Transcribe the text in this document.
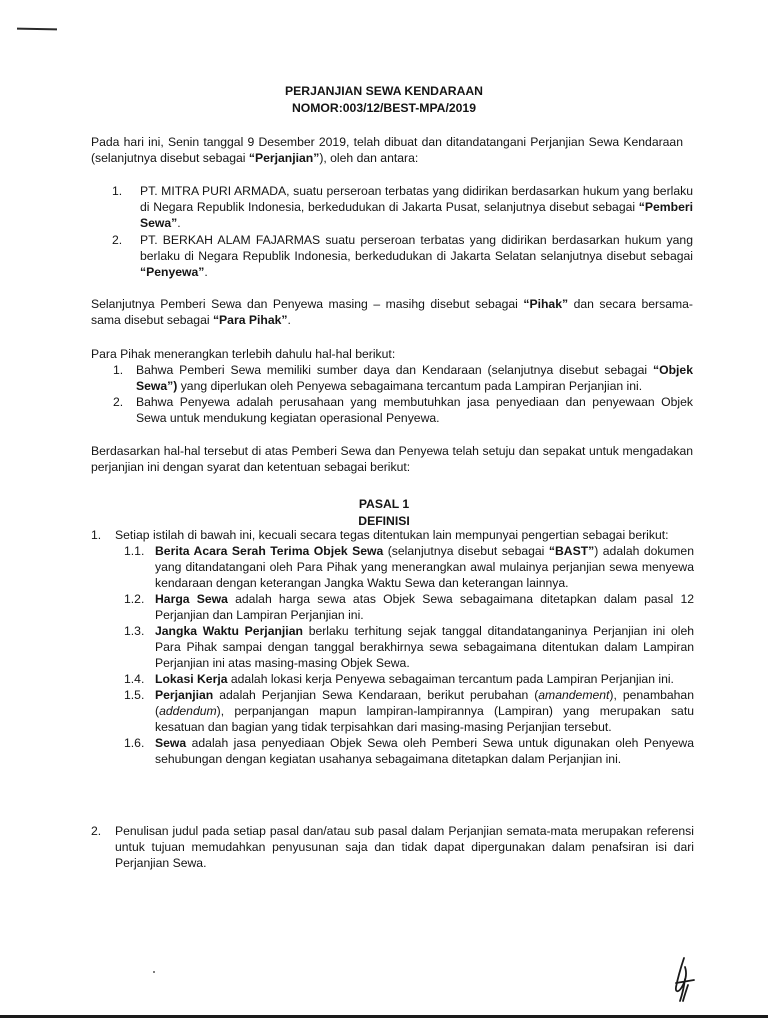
PERJANJIAN SEWA KENDARAAN
NOMOR:003/12/BEST-MPA/2019
Pada hari ini, Senin tanggal 9 Desember 2019, telah dibuat dan ditandatangani Perjanjian Sewa Kendaraan (selanjutnya disebut sebagai “Perjanjian”), oleh dan antara:
1. PT. MITRA PURI ARMADA, suatu perseroan terbatas yang didirikan berdasarkan hukum yang berlaku di Negara Republik Indonesia, berkedudukan di Jakarta Pusat, selanjutnya disebut sebagai “Pemberi Sewa”.
2. PT. BERKAH ALAM FAJARMAS suatu perseroan terbatas yang didirikan berdasarkan hukum yang berlaku di Negara Republik Indonesia, berkedudukan di Jakarta Selatan selanjutnya disebut sebagai “Penyewa”.
Selanjutnya Pemberi Sewa dan Penyewa masing – masihg disebut sebagai “Pihak” dan secara bersama-sama disebut sebagai “Para Pihak”.
Para Pihak menerangkan terlebih dahulu hal-hal berikut:
1. Bahwa Pemberi Sewa memiliki sumber daya dan Kendaraan (selanjutnya disebut sebagai “Objek Sewa”) yang diperlukan oleh Penyewa sebagaimana tercantum pada Lampiran Perjanjian ini.
2. Bahwa Penyewa adalah perusahaan yang membutuhkan jasa penyediaan dan penyewaan Objek Sewa untuk mendukung kegiatan operasional Penyewa.
Berdasarkan hal-hal tersebut di atas Pemberi Sewa dan Penyewa telah setuju dan sepakat untuk mengadakan perjanjian ini dengan syarat dan ketentuan sebagai berikut:
PASAL 1
DEFINISI
1. Setiap istilah di bawah ini, kecuali secara tegas ditentukan lain mempunyai pengertian sebagai berikut:
1.1. Berita Acara Serah Terima Objek Sewa (selanjutnya disebut sebagai “BAST”) adalah dokumen yang ditandatangani oleh Para Pihak yang menerangkan awal mulainya perjanjian sewa menyewa kendaraan dengan keterangan Jangka Waktu Sewa dan keterangan lainnya.
1.2. Harga Sewa adalah harga sewa atas Objek Sewa sebagaimana ditetapkan dalam pasal 12 Perjanjian dan Lampiran Perjanjian ini.
1.3. Jangka Waktu Perjanjian berlaku terhitung sejak tanggal ditandatanganinya Perjanjian ini oleh Para Pihak sampai dengan tanggal berakhirnya sewa sebagaimana ditentukan dalam Lampiran Perjanjian ini atas masing-masing Objek Sewa.
1.4. Lokasi Kerja adalah lokasi kerja Penyewa sebagaiman tercantum pada Lampiran Perjanjian ini.
1.5. Perjanjian adalah Perjanjian Sewa Kendaraan, berikut perubahan (amandement), penambahan (addendum), perpanjangan mapun lampiran-lampirannya (Lampiran) yang merupakan satu kesatuan dan bagian yang tidak terpisahkan dari masing-masing Perjanjian tersebut.
1.6. Sewa adalah jasa penyediaan Objek Sewa oleh Pemberi Sewa untuk digunakan oleh Penyewa sehubungan dengan kegiatan usahanya sebagaimana ditetapkan dalam Perjanjian ini.
2. Penulisan judul pada setiap pasal dan/atau sub pasal dalam Perjanjian semata-mata merupakan referensi untuk tujuan memudahkan penyusunan saja dan tidak dapat dipergunakan dalam penafsiran isi dari Perjanjian Sewa.
